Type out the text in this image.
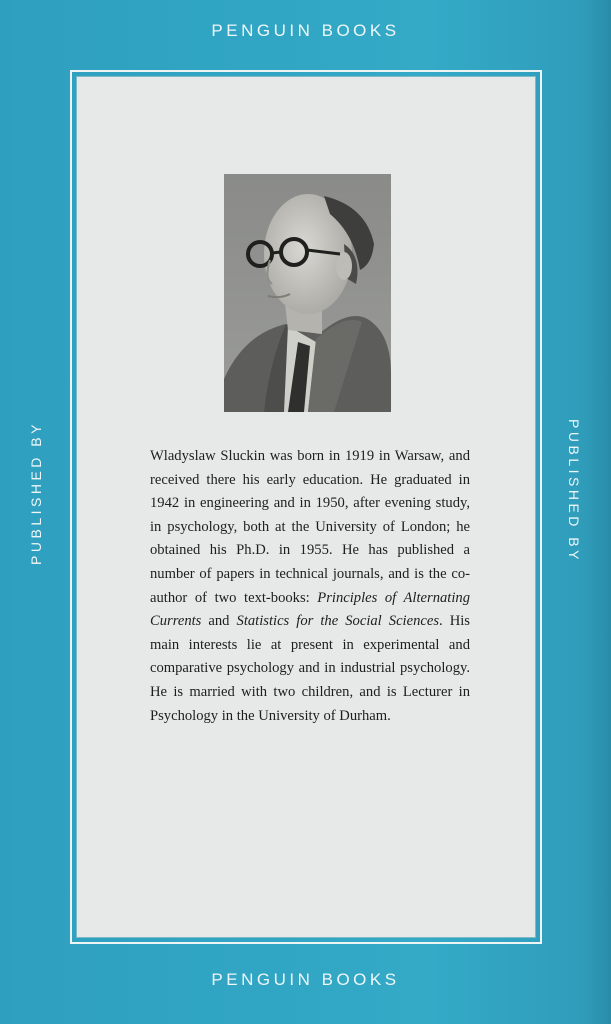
PENGUIN BOOKS
PUBLISHED BY	PUBLISHED BY

Wladyslaw Sluckin was born in 1919 in Warsaw, and received there his early education. He graduated in 1942 in engineering and in 1950, after evening study, in psychology, both at the University of London; he obtained his Ph.D. in 1955. He has published a number of papers in technical journals, and is the co-author of two text-books: Principles of Alternating Currents and Statistics for the Social Sciences. His main interests lie at present in experimental and comparative psychology and in industrial psychology. He is married with two children, and is Lecturer in Psychology in the University of Durham.

PENGUIN BOOKS
